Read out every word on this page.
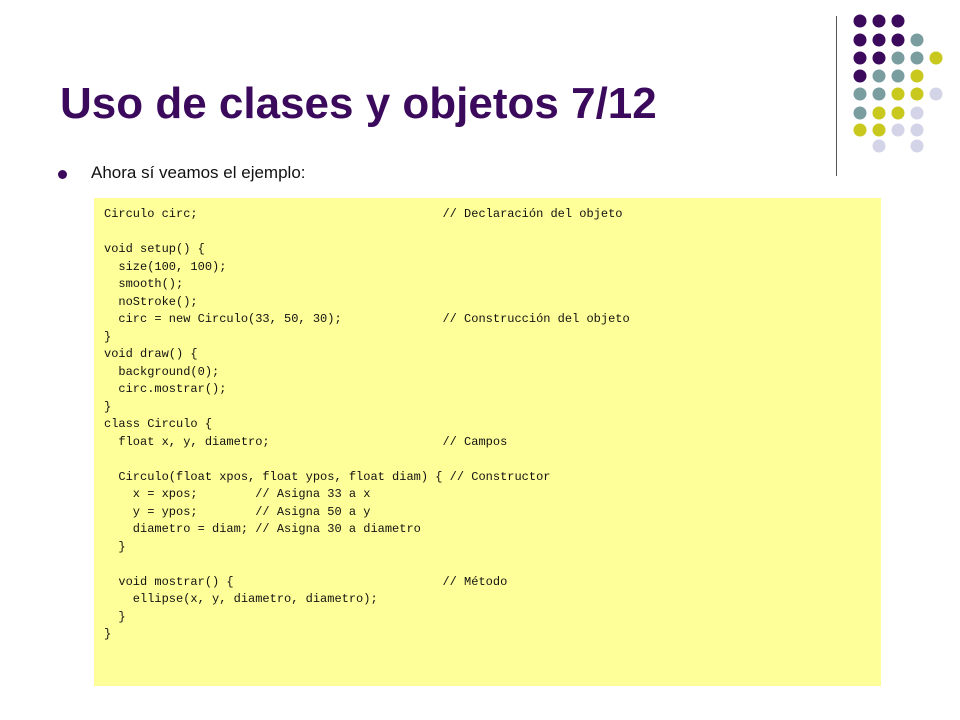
Uso de clases y objetos 7/12
Ahora sí veamos el ejemplo:
Circulo circ;                                  // Declaración del objeto
void setup() {
size(100, 100);
smooth();
noStroke();
circ = new Circulo(33, 50, 30);              // Construcción del objeto
}
void draw() {
background(0);
circ.mostrar();
}
class Circulo {
float x, y, diametro;                        // Campos
Circulo(float xpos, float ypos, float diam) { // Constructor
x = xpos;        // Asigna 33 a x
y = ypos;        // Asigna 50 a y
diametro = diam; // Asigna 30 a diametro
}
void mostrar() {                             // Método
ellipse(x, y, diametro, diametro);
}
}
